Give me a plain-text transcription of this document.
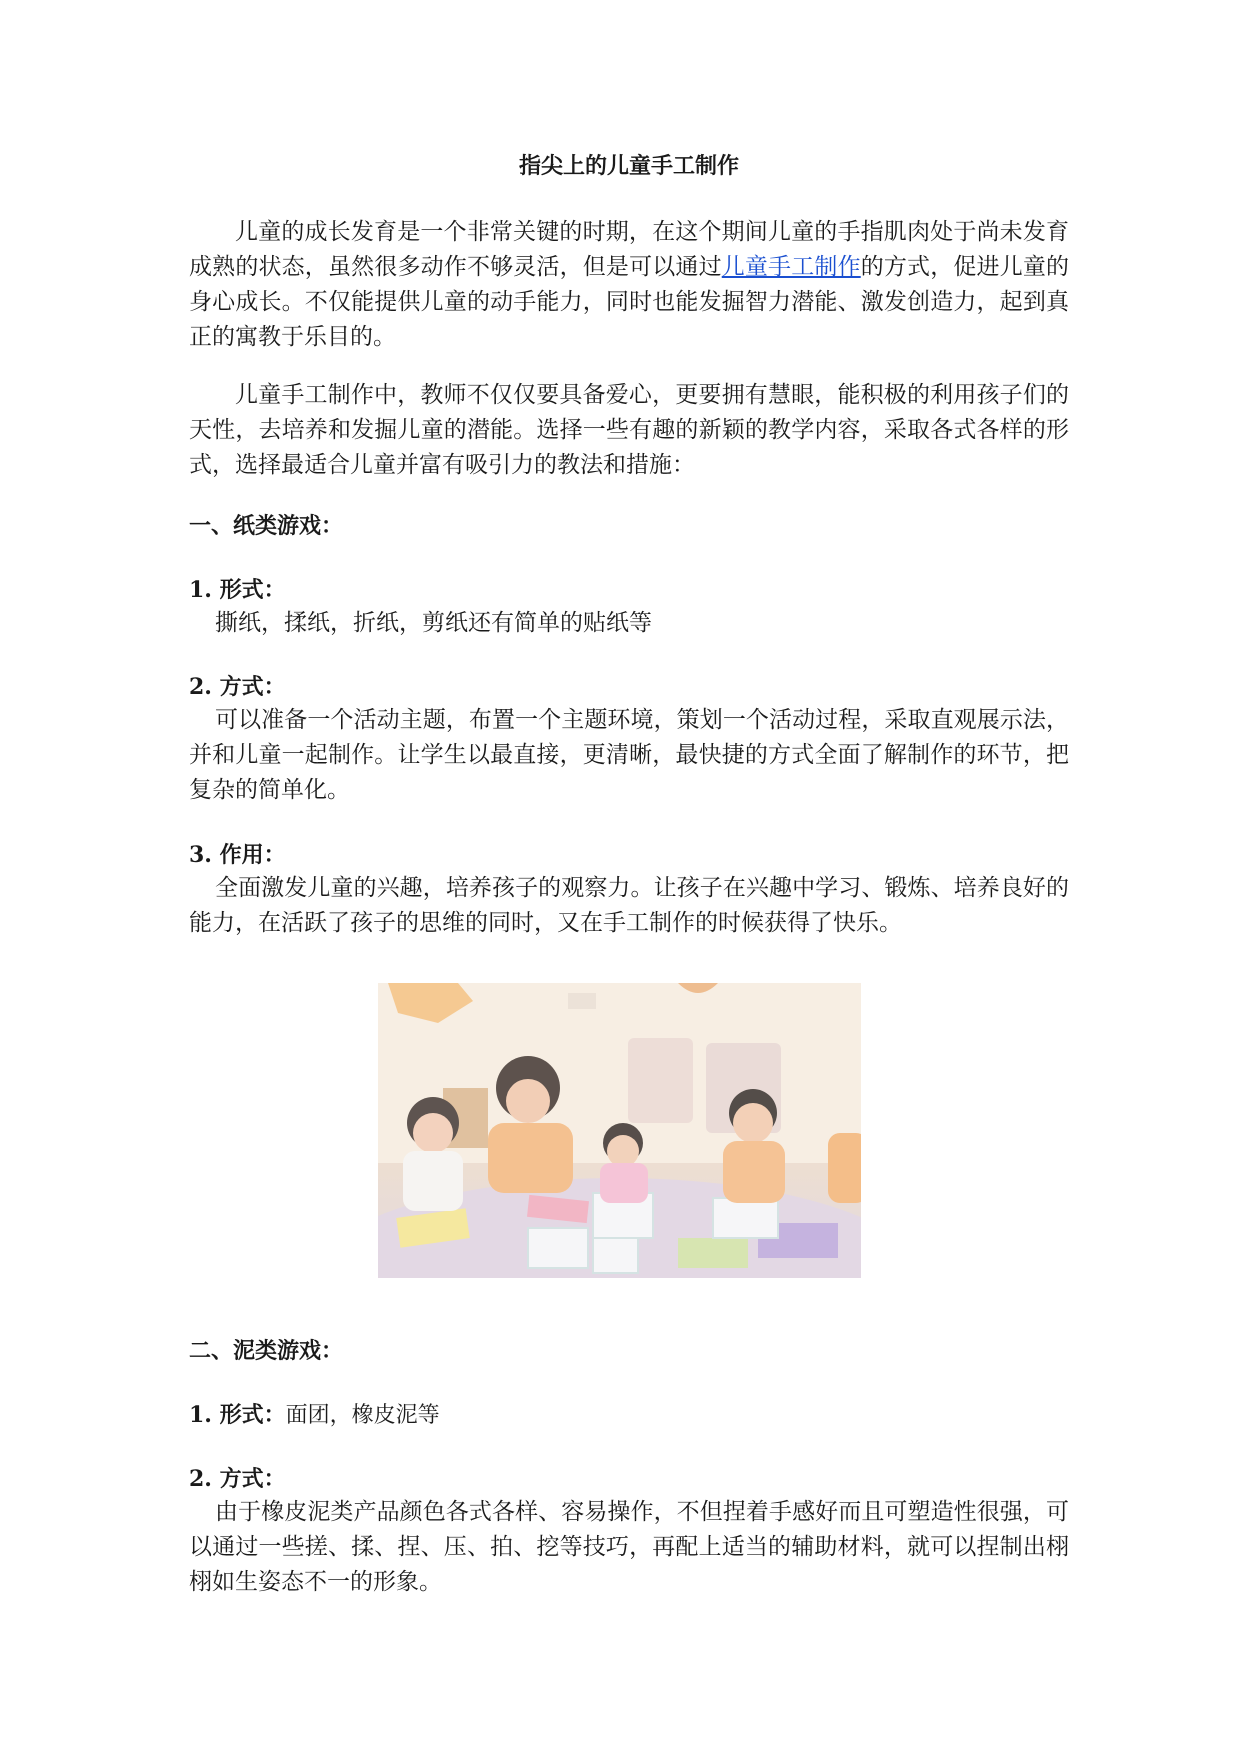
指尖上的儿童手工制作
儿童的成长发育是一个非常关键的时期，在这个期间儿童的手指肌肉处于尚未发育成熟的状态，虽然很多动作不够灵活，但是可以通过儿童手工制作的方式，促进儿童的身心成长。不仅能提供儿童的动手能力，同时也能发掘智力潜能、激发创造力，起到真正的寓教于乐目的。
儿童手工制作中，教师不仅仅要具备爱心，更要拥有慧眼，能积极的利用孩子们的天性，去培养和发掘儿童的潜能。选择一些有趣的新颖的教学内容，采取各式各样的形式，选择最适合儿童并富有吸引力的教法和措施：
一、纸类游戏：
1. 形式：
撕纸，揉纸，折纸，剪纸还有简单的贴纸等
2. 方式：
可以准备一个活动主题，布置一个主题环境，策划一个活动过程，采取直观展示法，并和儿童一起制作。让学生以最直接，更清晰，最快捷的方式全面了解制作的环节，把复杂的简单化。
3. 作用：
全面激发儿童的兴趣，培养孩子的观察力。让孩子在兴趣中学习、锻炼、培养良好的能力，在活跃了孩子的思维的同时，又在手工制作的时候获得了快乐。
二、泥类游戏：
1. 形式：面团，橡皮泥等
2. 方式：
由于橡皮泥类产品颜色各式各样、容易操作，不但捏着手感好而且可塑造性很强，可以通过一些搓、揉、捏、压、拍、挖等技巧，再配上适当的辅助材料，就可以捏制出栩栩如生姿态不一的形象。
